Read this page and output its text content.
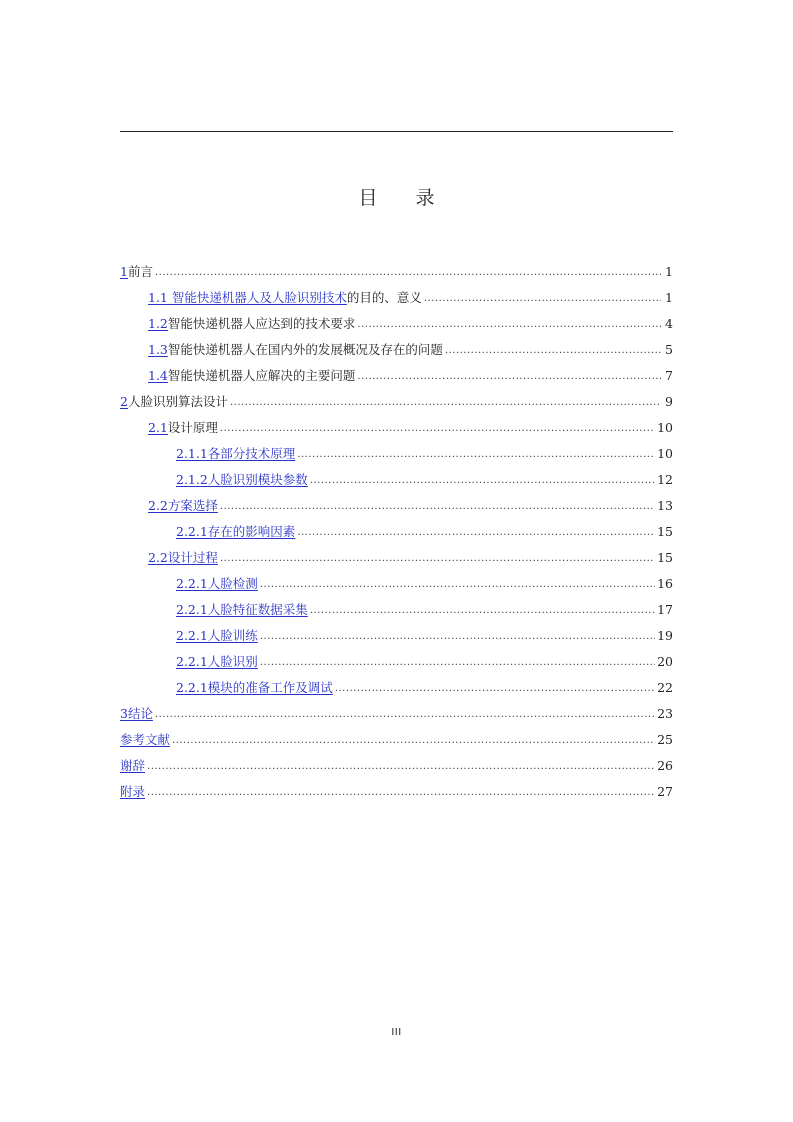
目 录
1 前言 .....	1
1.1 智能快递机器人及人脸识别技术 的目的、意义 .....	1
1.2 智能快递机器人应达到的技术要求 .....	4
1.3 智能快递机器人在国内外的发展概况及存在的问题 .....	5
1.4 智能快递机器人应解决的主要问题 .....	7
2 人脸识别算法设计 .....	9
2.1 设计原理 .....	10
2.1.1各部分技术原理 .....	10
2.1.2人脸识别模块参数 .....	12
2.2方案选择 .....	13
2.2.1存在的影响因素 .....	15
2.2设计过程 .....	15
2.2.1人脸检测 .....	16
2.2.1人脸特征数据采集 .....	17
2.2.1人脸训练 .....	19
2.2.1人脸识别 .....	20
2.2.1模块的准备工作及调试 .....	22
3结论 .....	23
参考文献 .....	25
谢辞 .....	26
附录 .....	27
III
